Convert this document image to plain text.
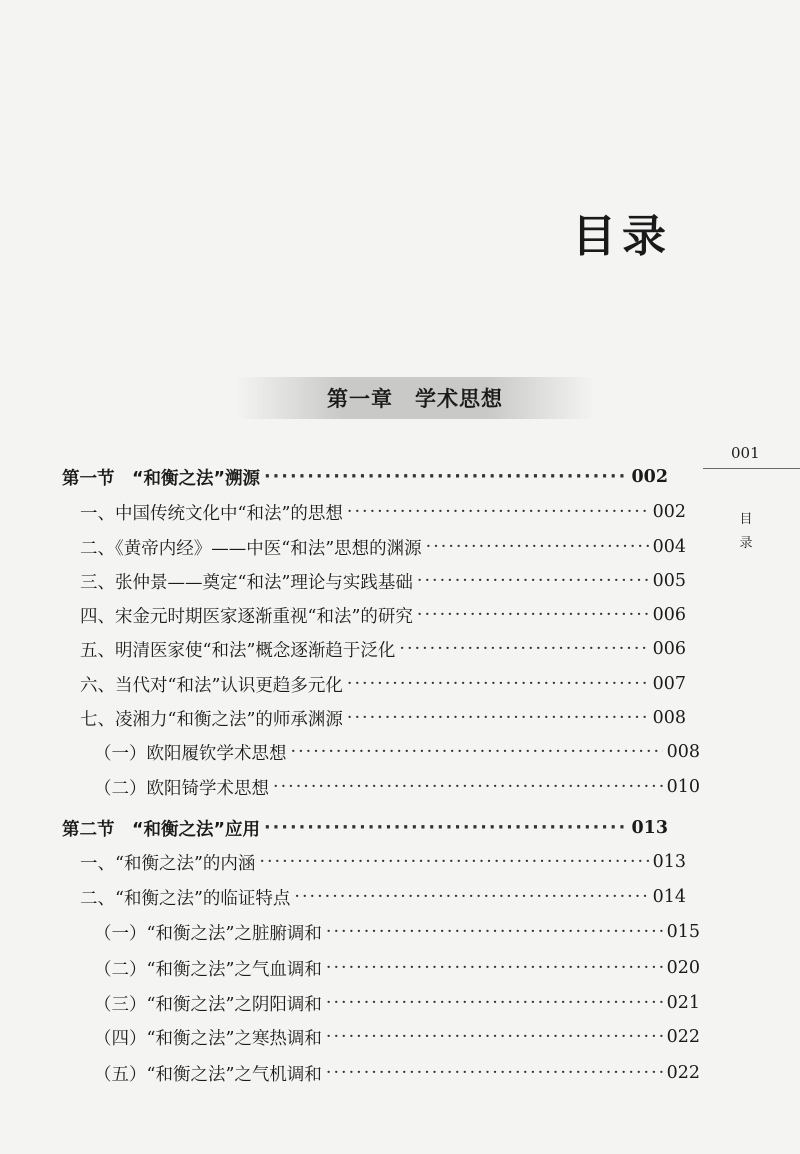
目录
第一章　学术思想
第一节　“和衡之法”溯源 ·····	002
一、中国传统文化中“和法”的思想 ·····	002
二、《黄帝内经》——中医“和法”思想的渊源 ·····	004
三、张仲景——奠定“和法”理论与实践基础 ·····	005
四、宋金元时期医家逐渐重视“和法”的研究 ·····	006
五、明清医家使“和法”概念逐渐趋于泛化 ·····	006
六、当代对“和法”认识更趋多元化 ·····	007
七、凌湘力“和衡之法”的师承渊源 ·····	008
（一）欧阳履钦学术思想 ·····	008
（二）欧阳锜学术思想 ·····	010
第二节　“和衡之法”应用 ·····	013
一、“和衡之法”的内涵 ·····	013
二、“和衡之法”的临证特点 ·····	014
（一）“和衡之法”之脏腑调和 ·····	015
（二）“和衡之法”之气血调和 ·····	020
（三）“和衡之法”之阴阳调和 ·····	021
（四）“和衡之法”之寒热调和 ·····	022
（五）“和衡之法”之气机调和 ·····	022
001
目
录
